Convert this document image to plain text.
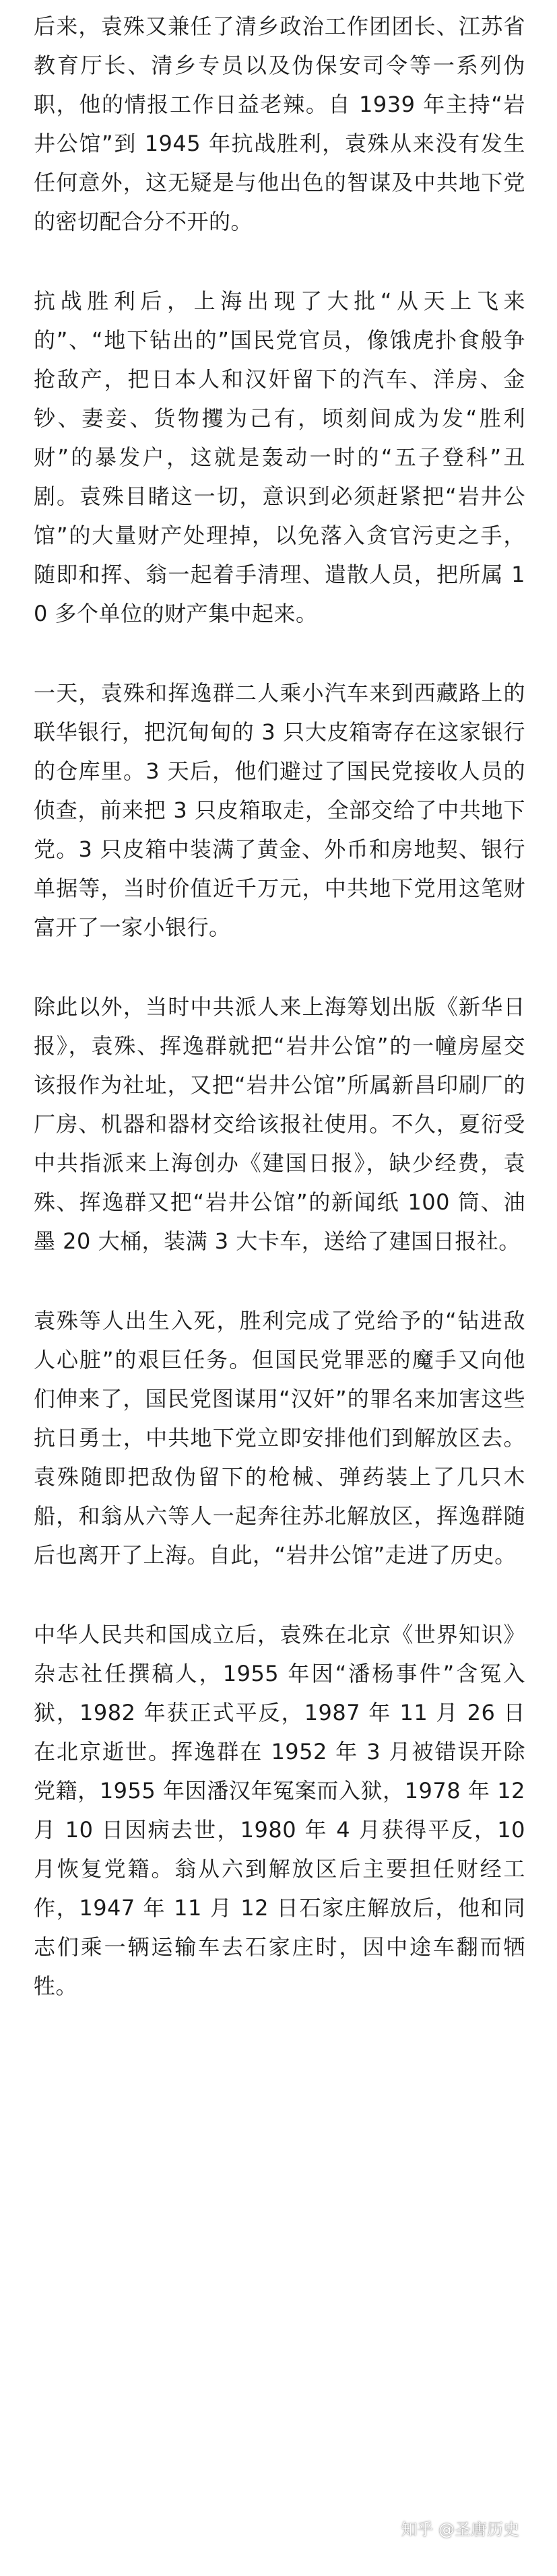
后来，袁殊又兼任了清乡政治工作团团长、江苏省教育厅长、清乡专员以及伪保安司令等一系列伪职，他的情报工作日益老辣。自 1939 年主持“岩井公馆”到 1945 年抗战胜利，袁殊从来没有发生任何意外，这无疑是与他出色的智谋及中共地下党的密切配合分不开的。

抗战胜利后，上海出现了大批“从天上飞来的”、“地下钻出的”国民党官员，像饿虎扑食般争抢敌产，把日本人和汉奸留下的汽车、洋房、金钞、妻妾、货物攫为己有，顷刻间成为发“胜利财”的暴发户，这就是轰动一时的“五子登科”丑剧。袁殊目睹这一切，意识到必须赶紧把“岩井公馆”的大量财产处理掉，以免落入贪官污吏之手，随即和挥、翁一起着手清理、遣散人员，把所属 10 多个单位的财产集中起来。

一天，袁殊和挥逸群二人乘小汽车来到西藏路上的联华银行，把沉甸甸的 3 只大皮箱寄存在这家银行的仓库里。3 天后，他们避过了国民党接收人员的侦查，前来把 3 只皮箱取走，全部交给了中共地下党。3 只皮箱中装满了黄金、外币和房地契、银行单据等，当时价值近千万元，中共地下党用这笔财富开了一家小银行。

除此以外，当时中共派人来上海筹划出版《新华日报》，袁殊、挥逸群就把“岩井公馆”的一幢房屋交该报作为社址，又把“岩井公馆”所属新昌印刷厂的厂房、机器和器材交给该报社使用。不久，夏衍受中共指派来上海创办《建国日报》，缺少经费，袁殊、挥逸群又把“岩井公馆”的新闻纸 100 筒、油墨 20 大桶，装满 3 大卡车，送给了建国日报社。

袁殊等人出生入死，胜利完成了党给予的“钻进敌人心脏”的艰巨任务。但国民党罪恶的魔手又向他们伸来了，国民党图谋用“汉奸”的罪名来加害这些抗日勇士，中共地下党立即安排他们到解放区去。袁殊随即把敌伪留下的枪械、弹药装上了几只木船，和翁从六等人一起奔往苏北解放区，挥逸群随后也离开了上海。自此，“岩井公馆”走进了历史。

中华人民共和国成立后，袁殊在北京《世界知识》杂志社任撰稿人，1955 年因“潘杨事件”含冤入狱，1982 年获正式平反，1987 年 11 月 26 日在北京逝世。挥逸群在 1952 年 3 月被错误开除党籍，1955 年因潘汉年冤案而入狱，1978 年 12 月 10 日因病去世，1980 年 4 月获得平反，10 月恢复党籍。翁从六到解放区后主要担任财经工作，1947 年 11 月 12 日石家庄解放后，他和同志们乘一辆运输车去石家庄时，因中途车翻而牺牲。

知乎 @圣唐历史
